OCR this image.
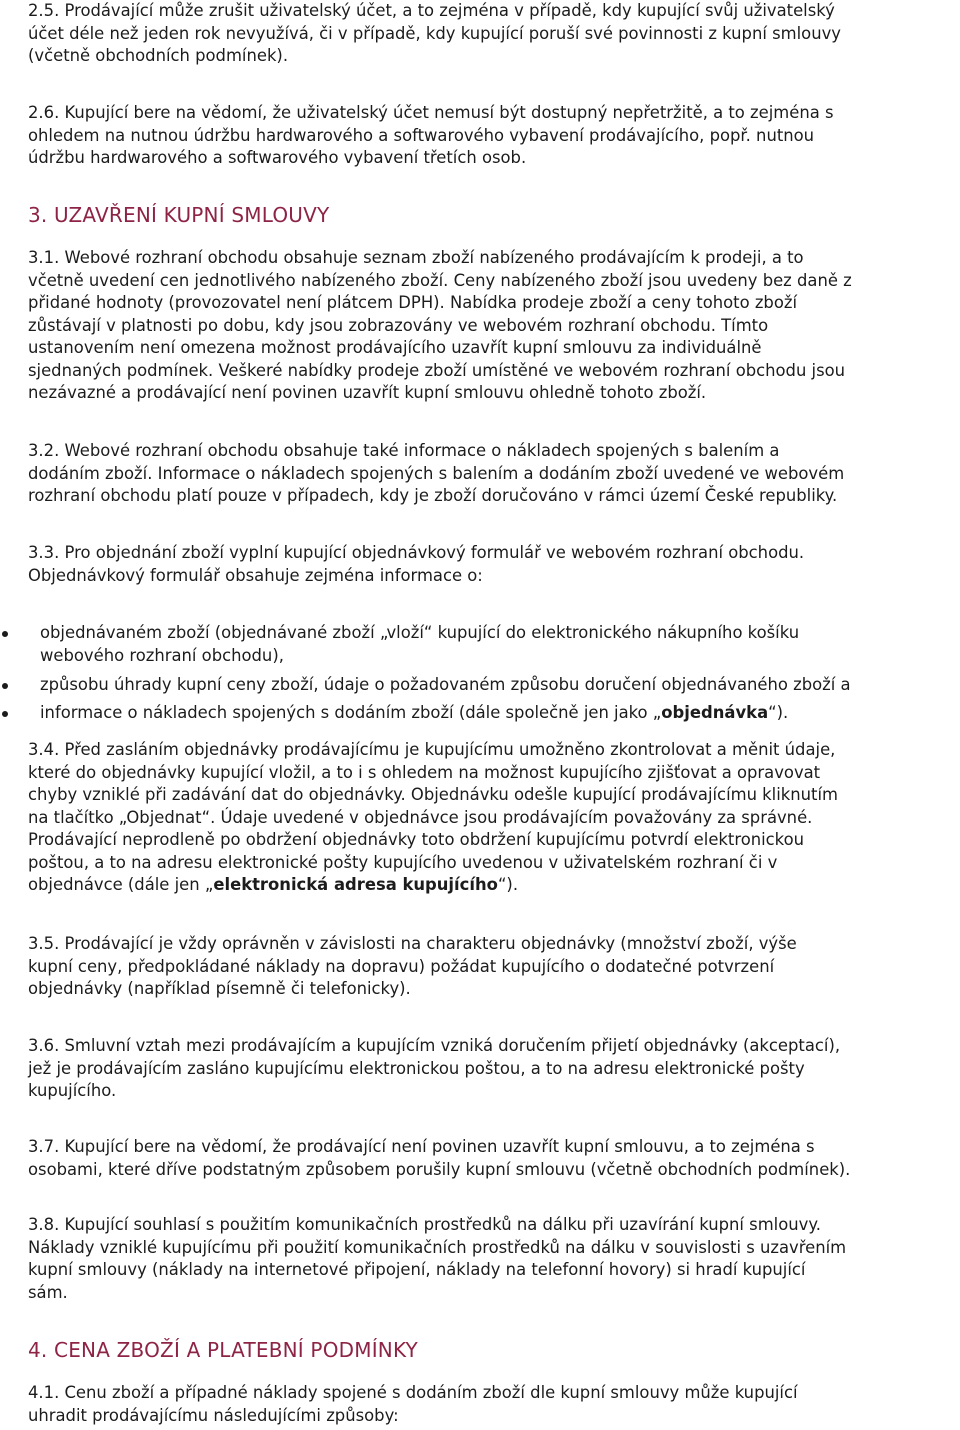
2.5. Prodávající může zrušit uživatelský účet, a to zejména v případě, kdy kupující svůj uživatelský
účet déle než jeden rok nevyužívá, či v případě, kdy kupující poruší své povinnosti z kupní smlouvy
(včetně obchodních podmínek).

2.6. Kupující bere na vědomí, že uživatelský účet nemusí být dostupný nepřetržitě, a to zejména s
ohledem na nutnou údržbu hardwarového a softwarového vybavení prodávajícího, popř. nutnou
údržbu hardwarového a softwarového vybavení třetích osob.

3. UZAVŘENÍ KUPNÍ SMLOUVY

3.1. Webové rozhraní obchodu obsahuje seznam zboží nabízeného prodávajícím k prodeji, a to
včetně uvedení cen jednotlivého nabízeného zboží. Ceny nabízeného zboží jsou uvedeny bez daně z
přidané hodnoty (provozovatel není plátcem DPH). Nabídka prodeje zboží a ceny tohoto zboží
zůstávají v platnosti po dobu, kdy jsou zobrazovány ve webovém rozhraní obchodu. Tímto
ustanovením není omezena možnost prodávajícího uzavřít kupní smlouvu za individuálně
sjednaných podmínek. Veškeré nabídky prodeje zboží umístěné ve webovém rozhraní obchodu jsou
nezávazné a prodávající není povinen uzavřít kupní smlouvu ohledně tohoto zboží.

3.2. Webové rozhraní obchodu obsahuje také informace o nákladech spojených s balením a
dodáním zboží. Informace o nákladech spojených s balením a dodáním zboží uvedené ve webovém
rozhraní obchodu platí pouze v případech, kdy je zboží doručováno v rámci území České republiky.

3.3. Pro objednání zboží vyplní kupující objednávkový formulář ve webovém rozhraní obchodu.
Objednávkový formulář obsahuje zejména informace o:

objednávaném zboží (objednávané zboží „vloží“ kupující do elektronického nákupního košíku
webového rozhraní obchodu),
způsobu úhrady kupní ceny zboží, údaje o požadovaném způsobu doručení objednávaného zboží a
informace o nákladech spojených s dodáním zboží (dále společně jen jako „objednávka“).

3.4. Před zasláním objednávky prodávajícímu je kupujícímu umožněno zkontrolovat a měnit údaje,
které do objednávky kupující vložil, a to i s ohledem na možnost kupujícího zjišťovat a opravovat
chyby vzniklé při zadávání dat do objednávky. Objednávku odešle kupující prodávajícímu kliknutím
na tlačítko „Objednat“. Údaje uvedené v objednávce jsou prodávajícím považovány za správné.
Prodávající neprodleně po obdržení objednávky toto obdržení kupujícímu potvrdí elektronickou
poštou, a to na adresu elektronické pošty kupujícího uvedenou v uživatelském rozhraní či v
objednávce (dále jen „elektronická adresa kupujícího“).

3.5. Prodávající je vždy oprávněn v závislosti na charakteru objednávky (množství zboží, výše
kupní ceny, předpokládané náklady na dopravu) požádat kupujícího o dodatečné potvrzení
objednávky (například písemně či telefonicky).

3.6. Smluvní vztah mezi prodávajícím a kupujícím vzniká doručením přijetí objednávky (akceptací),
jež je prodávajícím zasláno kupujícímu elektronickou poštou, a to na adresu elektronické pošty
kupujícího.

3.7. Kupující bere na vědomí, že prodávající není povinen uzavřít kupní smlouvu, a to zejména s
osobami, které dříve podstatným způsobem porušily kupní smlouvu (včetně obchodních podmínek).

3.8. Kupující souhlasí s použitím komunikačních prostředků na dálku při uzavírání kupní smlouvy.
Náklady vzniklé kupujícímu při použití komunikačních prostředků na dálku v souvislosti s uzavřením
kupní smlouvy (náklady na internetové připojení, náklady na telefonní hovory) si hradí kupující
sám.

4. CENA ZBOŽÍ A PLATEBNÍ PODMÍNKY

4.1. Cenu zboží a případné náklady spojené s dodáním zboží dle kupní smlouvy může kupující
uhradit prodávajícímu následujícími způsoby:
